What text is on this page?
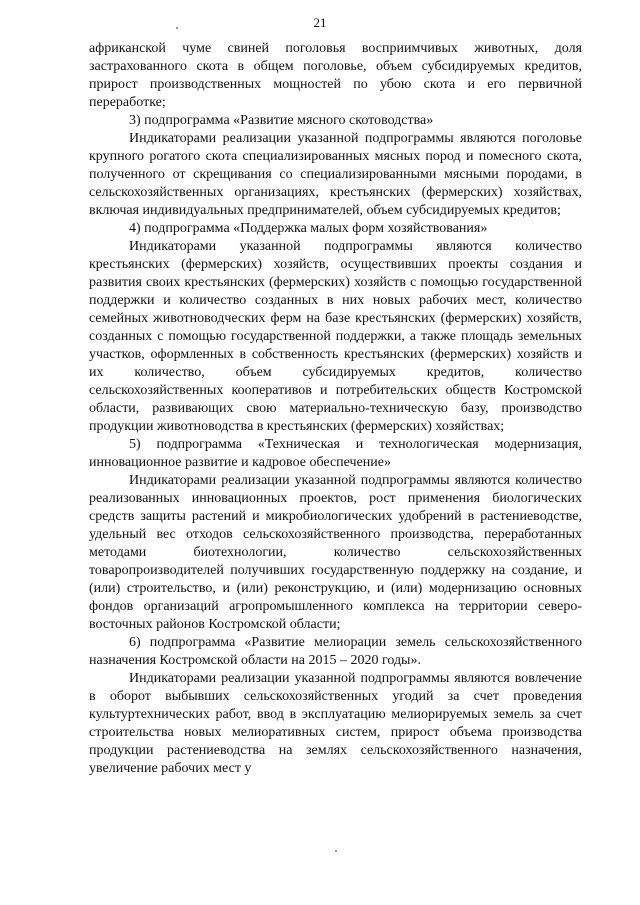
21

африканской чуме свиней поголовья восприимчивых животных, доля застрахованного скота в общем поголовье, объем субсидируемых кредитов, прирост производственных мощностей по убою скота и его первичной переработке;

3) подпрограмма «Развитие мясного скотоводства»

Индикаторами реализации указанной подпрограммы являются поголовье крупного рогатого скота специализированных мясных пород и помесного скота, полученного от скрещивания со специализированными мясными породами, в сельскохозяйственных организациях, крестьянских (фермерских) хозяйствах, включая индивидуальных предпринимателей, объем субсидируемых кредитов;

4) подпрограмма «Поддержка малых форм хозяйствования»

Индикаторами указанной подпрограммы являются количество крестьянских (фермерских) хозяйств, осуществивших проекты создания и развития своих крестьянских (фермерских) хозяйств с помощью государственной поддержки и количество созданных в них новых рабочих мест, количество семейных животноводческих ферм на базе крестьянских (фермерских) хозяйств, созданных с помощью государственной поддержки, а также площадь земельных участков, оформленных в собственность крестьянских (фермерских) хозяйств и их количество, объем субсидируемых кредитов, количество сельскохозяйственных кооперативов и потребительских обществ Костромской области, развивающих свою материально-техническую базу, производство продукции животноводства в крестьянских (фермерских) хозяйствах;

5) подпрограмма «Техническая и технологическая модернизация, инновационное развитие и кадровое обеспечение»

Индикаторами реализации указанной подпрограммы являются количество реализованных инновационных проектов, рост применения биологических средств защиты растений и микробиологических удобрений в растениеводстве, удельный вес отходов сельскохозяйственного производства, переработанных методами биотехнологии, количество сельскохозяйственных товаропроизводителей получивших государственную поддержку на создание, и (или) строительство, и (или) реконструкцию, и (или) модернизацию основных фондов организаций агропромышленного комплекса на территории северо-восточных районов Костромской области;

6) подпрограмма «Развитие мелиорации земель сельскохозяйственного назначения Костромской области на 2015 – 2020 годы».

Индикаторами реализации указанной подпрограммы являются вовлечение в оборот выбывших сельскохозяйственных угодий за счет проведения культуртехнических работ, ввод в эксплуатацию мелиорируемых земель за счет строительства новых мелиоративных систем, прирост объема производства продукции растениеводства на землях сельскохозяйственного назначения, увеличение рабочих мест у
